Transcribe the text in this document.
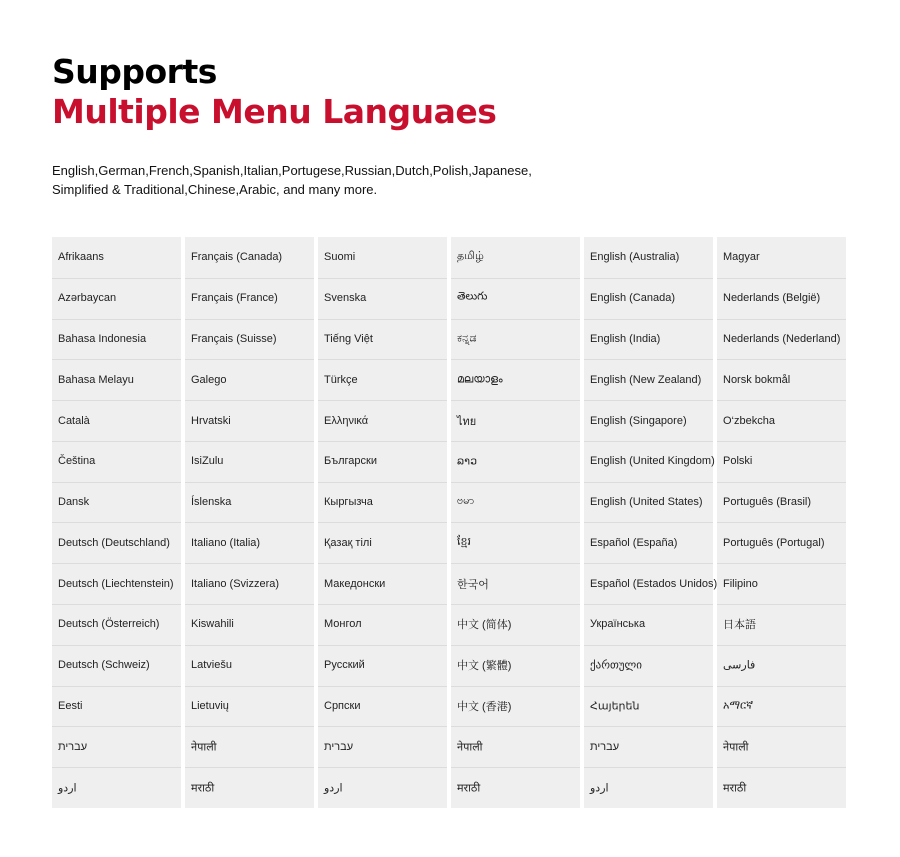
Supports
Multiple Menu Languaes
English,German,French,Spanish,Italian,Portugese,Russian,Dutch,Polish,Japanese,
Simplified & Traditional,Chinese,Arabic, and many more.
Afrikaans
Azərbaycan
Bahasa Indonesia
Bahasa Melayu
Català
Čeština
Dansk
Deutsch (Deutschland)
Deutsch (Liechtenstein)
Deutsch (Österreich)
Deutsch (Schweiz)
Eesti
עברית
اردو
Français (Canada)
Français (France)
Français (Suisse)
Galego
Hrvatski
IsiZulu
Íslenska
Italiano (Italia)
Italiano (Svizzera)
Kiswahili
Latviešu
Lietuvių
नेपाली
मराठी
Suomi
Svenska
Tiếng Việt
Türkçe
Ελληνικά
Български
Кыргызча
Қазақ тілі
Македонски
Монгол
Русский
Српски
עברית
اردو
தமிழ்
తెలుగు
ಕನ್ನಡ
മലയാളം
ไทย
ລາວ
ဗမာ
ខ្មែរ
한국어
中文 (简体)
中文 (繁體)
中文 (香港)
नेपाली
मराठी
English (Australia)
English (Canada)
English (India)
English (New Zealand)
English (Singapore)
English (United Kingdom)
English (United States)
Español (España)
Español (Estados Unidos)
Українська
ქართული
Հայերեն
עברית
اردو
Magyar
Nederlands (België)
Nederlands (Nederland)
Norsk bokmål
O‘zbekcha
Polski
Português (Brasil)
Português (Portugal)
Filipino
日本語
فارسی
አማርኛ
नेपाली
मराठी
